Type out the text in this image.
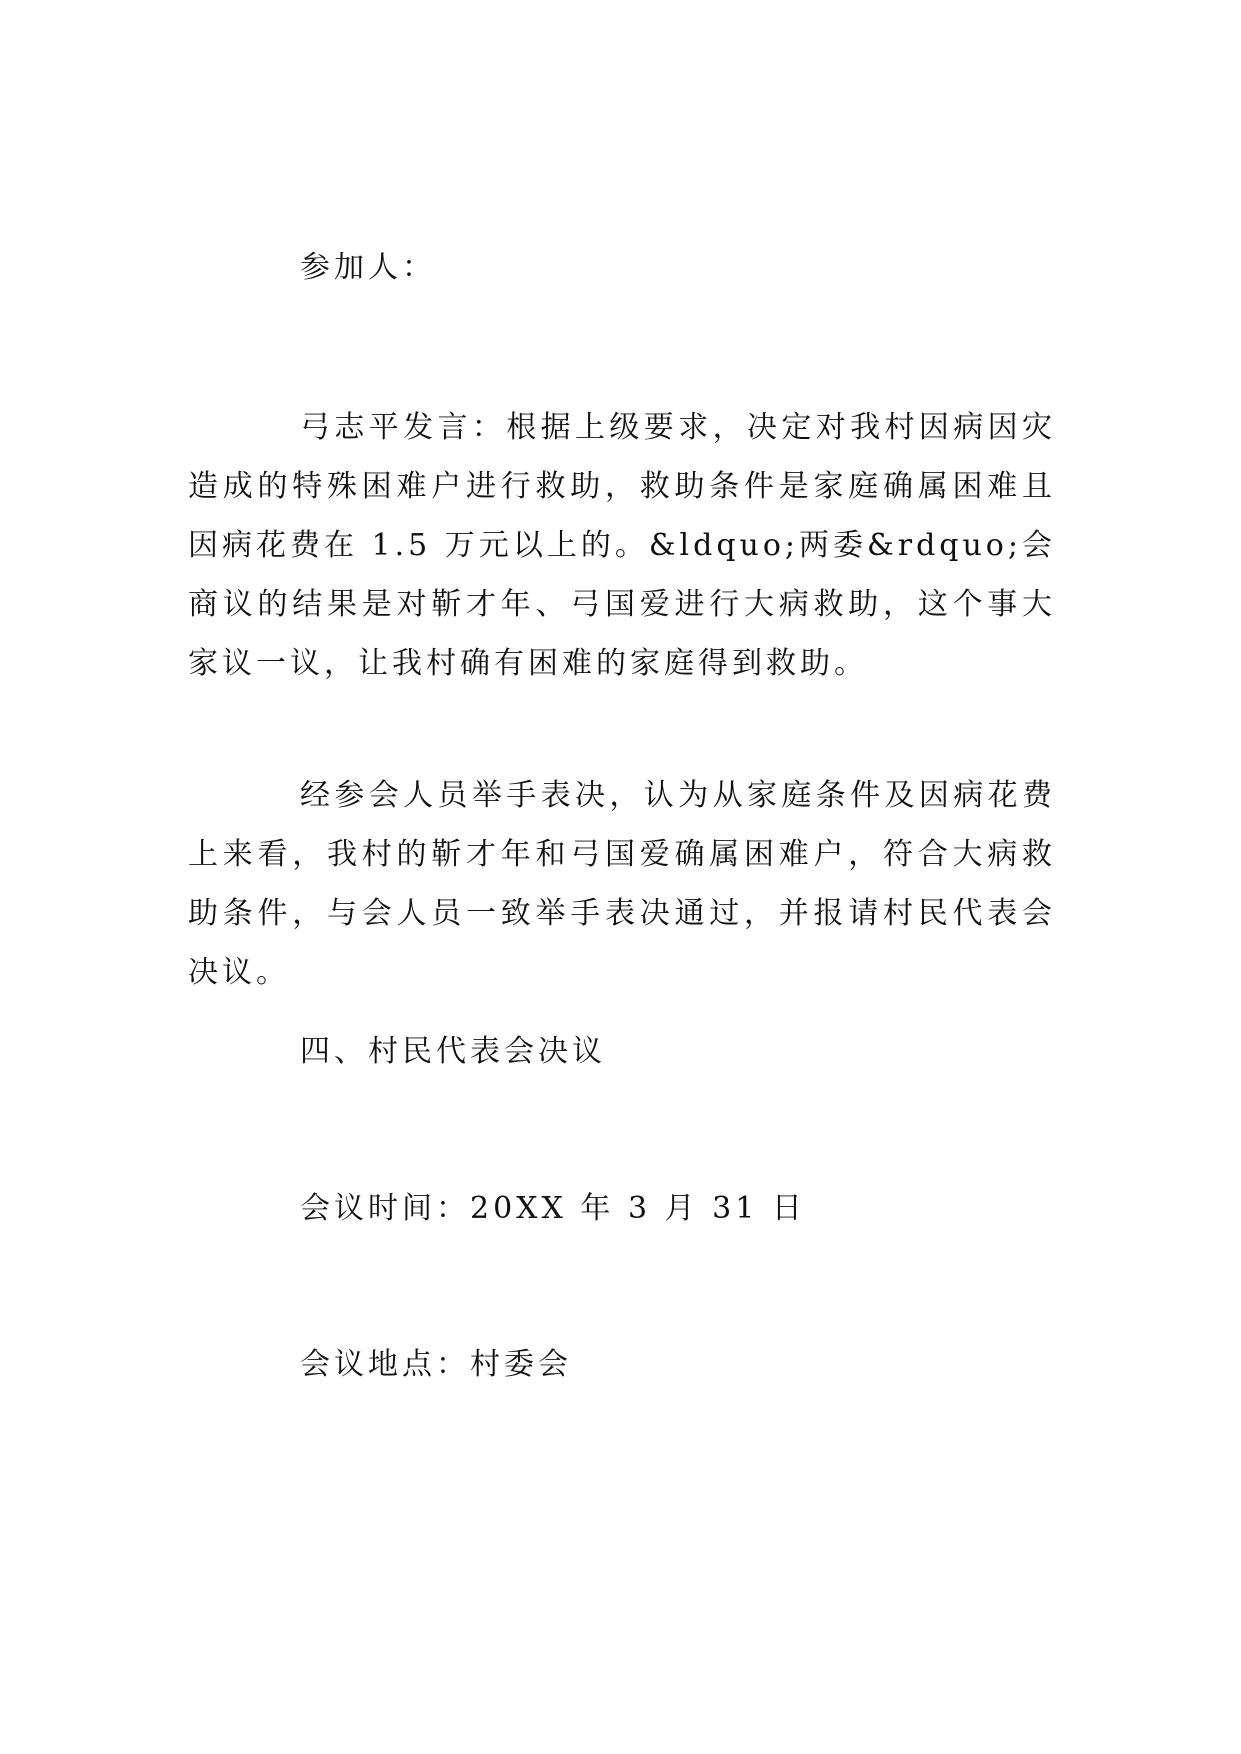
参加人：
弓志平发言：根据上级要求，决定对我村因病因灾造成的特殊困难户进行救助，救助条件是家庭确属困难且因病花费在 1.5 万元以上的。&ldquo;两委&rdquo;会商议的结果是对靳才年、弓国爱进行大病救助，这个事大家议一议，让我村确有困难的家庭得到救助。
经参会人员举手表决，认为从家庭条件及因病花费上来看，我村的靳才年和弓国爱确属困难户，符合大病救助条件，与会人员一致举手表决通过，并报请村民代表会决议。
四、村民代表会决议
会议时间：20XX 年 3 月 31 日
会议地点：村委会
